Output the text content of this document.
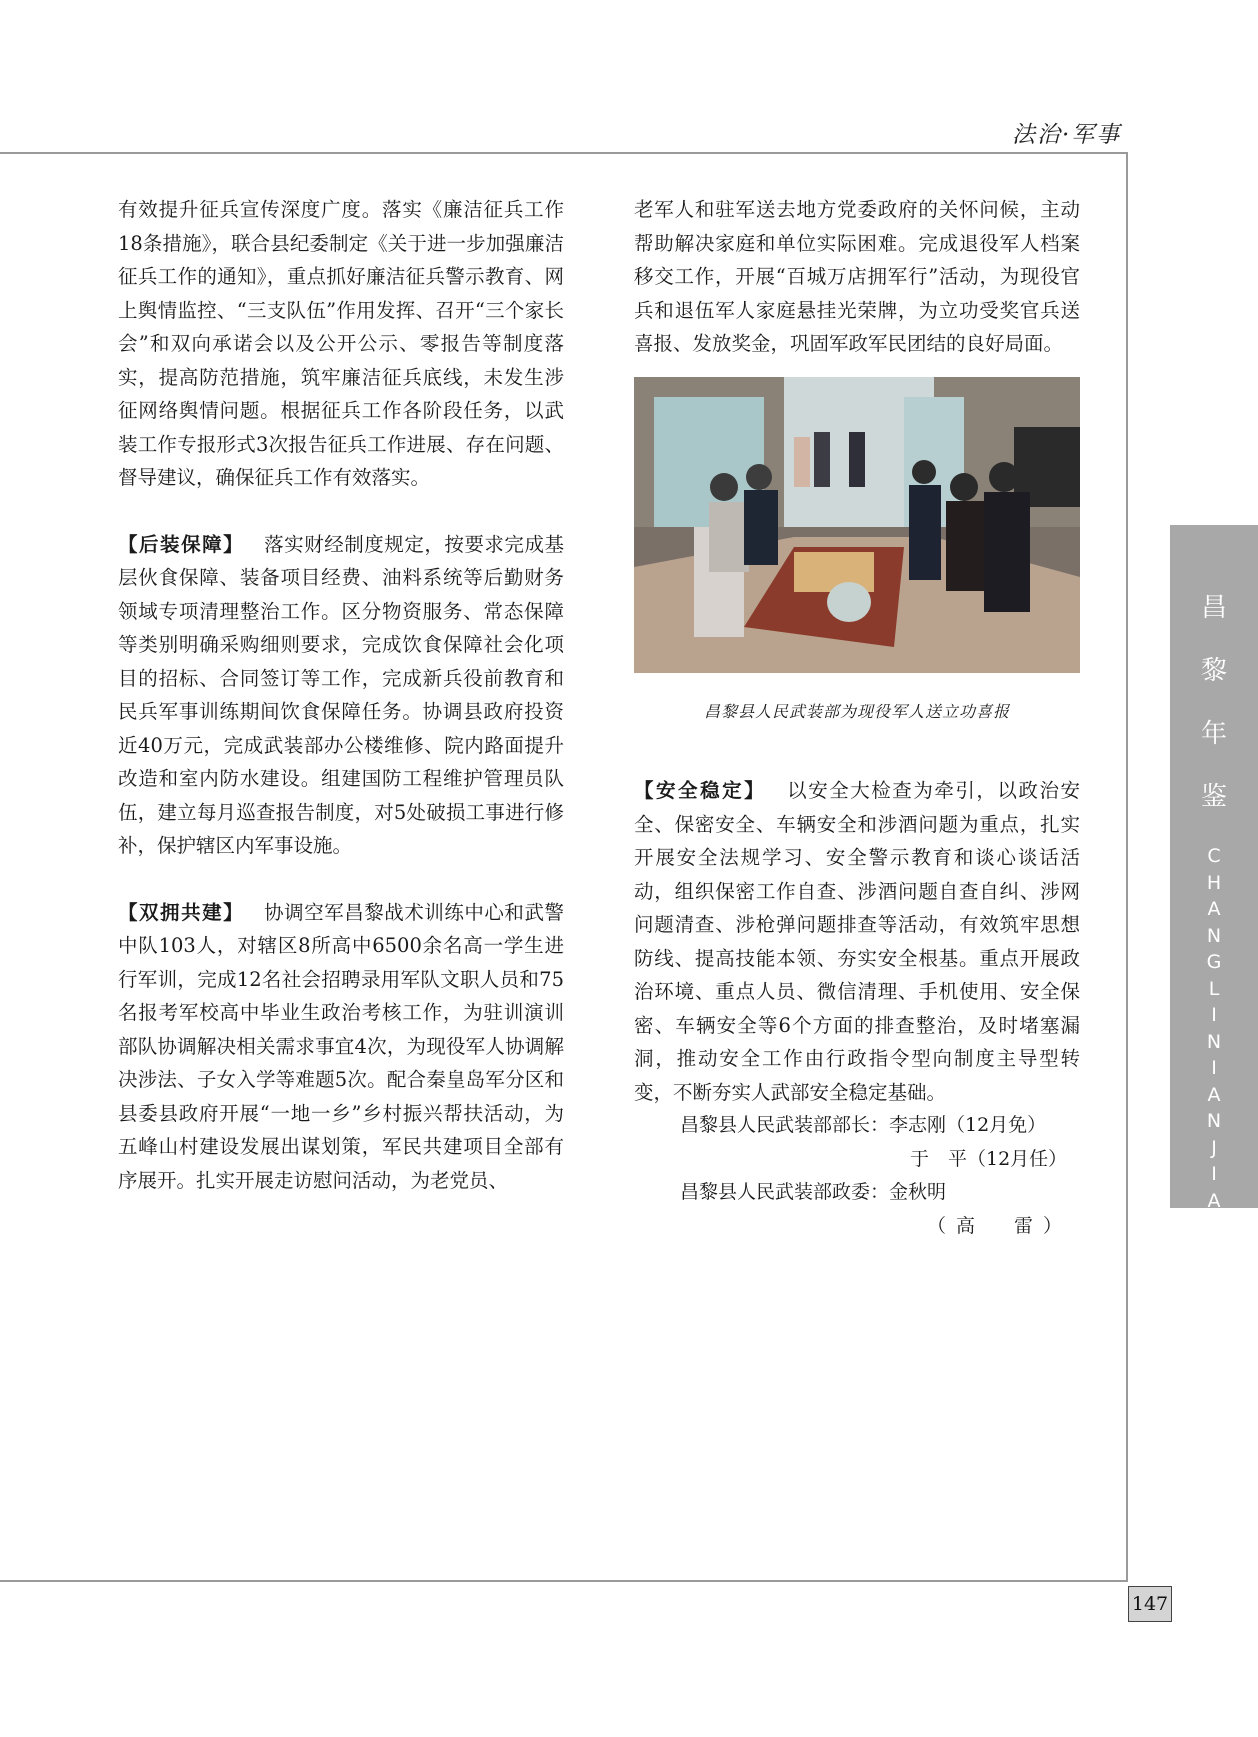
法治·军事

有效提升征兵宣传深度广度。落实《廉洁征兵工作18条措施》，联合县纪委制定《关于进一步加强廉洁征兵工作的通知》，重点抓好廉洁征兵警示教育、网上舆情监控、“三支队伍”作用发挥、召开“三个家长会”和双向承诺会以及公开公示、零报告等制度落实，提高防范措施，筑牢廉洁征兵底线，未发生涉征网络舆情问题。根据征兵工作各阶段任务，以武装工作专报形式3次报告征兵工作进展、存在问题、督导建议，确保征兵工作有效落实。

【后装保障】  落实财经制度规定，按要求完成基层伙食保障、装备项目经费、油料系统等后勤财务领域专项清理整治工作。区分物资服务、常态保障等类别明确采购细则要求，完成饮食保障社会化项目的招标、合同签订等工作，完成新兵役前教育和民兵军事训练期间饮食保障任务。协调县政府投资近40万元，完成武装部办公楼维修、院内路面提升改造和室内防水建设。组建国防工程维护管理员队伍，建立每月巡查报告制度，对5处破损工事进行修补，保护辖区内军事设施。

【双拥共建】  协调空军昌黎战术训练中心和武警中队103人，对辖区8所高中6500余名高一学生进行军训，完成12名社会招聘录用军队文职人员和75名报考军校高中毕业生政治考核工作，为驻训演训部队协调解决相关需求事宜4次，为现役军人协调解决涉法、子女入学等难题5次。配合秦皇岛军分区和县委县政府开展“一地一乡”乡村振兴帮扶活动，为五峰山村建设发展出谋划策，军民共建项目全部有序展开。扎实开展走访慰问活动，为老党员、

老军人和驻军送去地方党委政府的关怀问候，主动帮助解决家庭和单位实际困难。完成退役军人档案移交工作，开展“百城万店拥军行”活动，为现役官兵和退伍军人家庭悬挂光荣牌，为立功受奖官兵送喜报、发放奖金，巩固军政军民团结的良好局面。

昌黎县人民武装部为现役军人送立功喜报

【安全稳定】  以安全大检查为牵引，以政治安全、保密安全、车辆安全和涉酒问题为重点，扎实开展安全法规学习、安全警示教育和谈心谈话活动，组织保密工作自查、涉酒问题自查自纠、涉网问题清查、涉枪弹问题排查等活动，有效筑牢思想防线、提高技能本领、夯实安全根基。重点开展政治环境、重点人员、微信清理、手机使用、安全保密、车辆安全等6个方面的排查整治，及时堵塞漏洞，推动安全工作由行政指令型向制度主导型转变，不断夯实人武部安全稳定基础。

昌黎县人民武装部部长：李志刚（12月免）
于　平（12月任）
昌黎县人民武装部政委：金秋明
（高　雷）
昌
黎
年
鉴
C
H
A
N
G
L
I
N
I
A
N
J
I
A
N
147
